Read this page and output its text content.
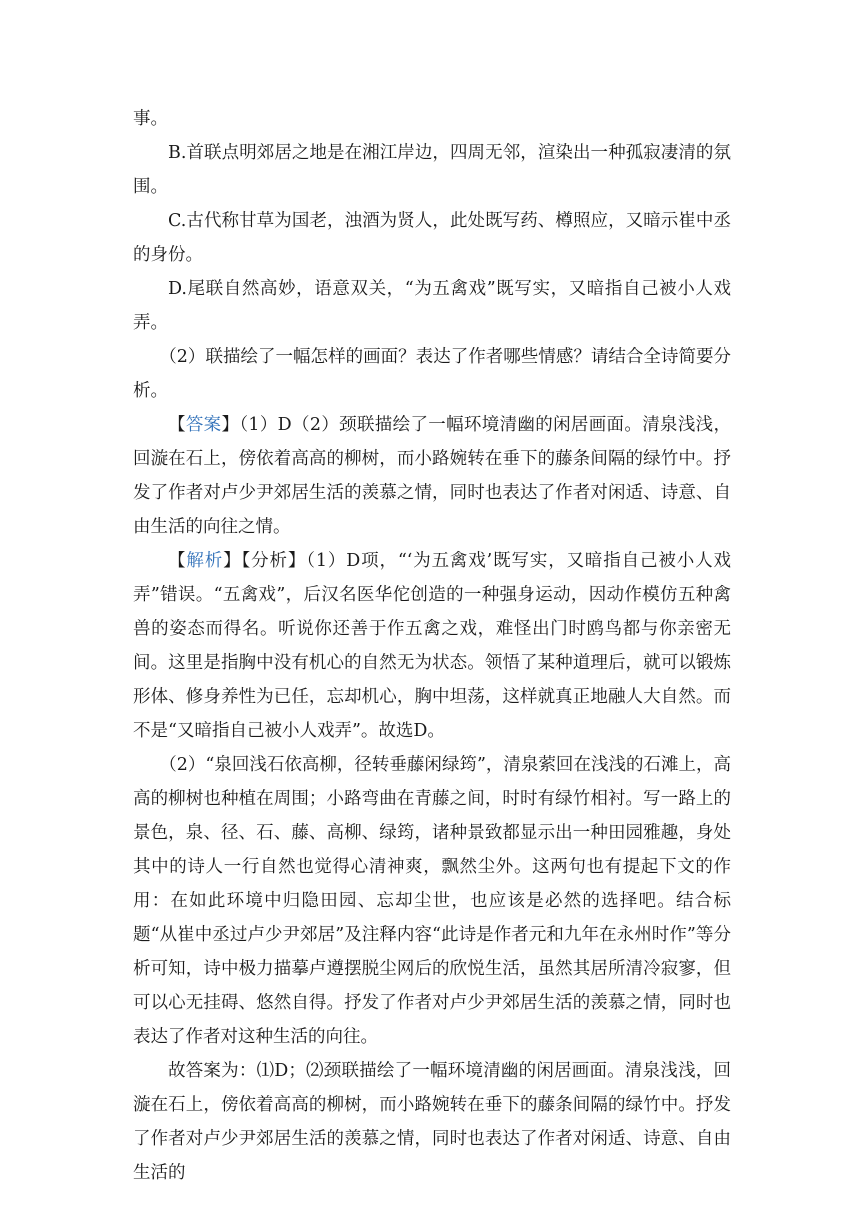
事。

B.首联点明郊居之地是在湘江岸边，四周无邻，渲染出一种孤寂凄清的氛围。

C.古代称甘草为国老，浊酒为贤人，此处既写药、樽照应，又暗示崔中丞的身份。

D.尾联自然高妙，语意双关，“为五禽戏”既写实，又暗指自己被小人戏弄。

（2）联描绘了一幅怎样的画面？表达了作者哪些情感？请结合全诗简要分析。

【答案】（1）D（2）颈联描绘了一幅环境清幽的闲居画面。清泉浅浅，回漩在石上，傍依着高高的柳树，而小路婉转在垂下的藤条间隔的绿竹中。抒发了作者对卢少尹郊居生活的羡慕之情，同时也表达了作者对闲适、诗意、自由生活的向往之情。

【解析】【分析】（1）D项，“‘为五禽戏’既写实，又暗指自己被小人戏弄”错误。“五禽戏”，后汉名医华佗创造的一种强身运动，因动作模仿五种禽兽的姿态而得名。听说你还善于作五禽之戏，难怪出门时鸥鸟都与你亲密无间。这里是指胸中没有机心的自然无为状态。领悟了某种道理后，就可以锻炼形体、修身养性为已任，忘却机心，胸中坦荡，这样就真正地融人大自然。而不是“又暗指自己被小人戏弄”。故选D。

（2）“泉回浅石依高柳，径转垂藤闲绿筠”，清泉萦回在浅浅的石滩上，高高的柳树也种植在周围；小路弯曲在青藤之间，时时有绿竹相衬。写一路上的景色，泉、径、石、藤、高柳、绿筠，诸种景致都显示出一种田园雅趣，身处其中的诗人一行自然也觉得心清神爽，飘然尘外。这两句也有提起下文的作用：在如此环境中归隐田园、忘却尘世，也应该是必然的选择吧。结合标题“从崔中丞过卢少尹郊居”及注释内容“此诗是作者元和九年在永州时作”等分析可知，诗中极力描摹卢遵摆脱尘网后的欣悦生活，虽然其居所清冷寂寥，但可以心无挂碍、悠然自得。抒发了作者对卢少尹郊居生活的羡慕之情，同时也表达了作者对这种生活的向往。

故答案为：⑴D；⑵颈联描绘了一幅环境清幽的闲居画面。清泉浅浅，回漩在石上，傍依着高高的柳树，而小路婉转在垂下的藤条间隔的绿竹中。抒发了作者对卢少尹郊居生活的羡慕之情，同时也表达了作者对闲适、诗意、自由生活的
